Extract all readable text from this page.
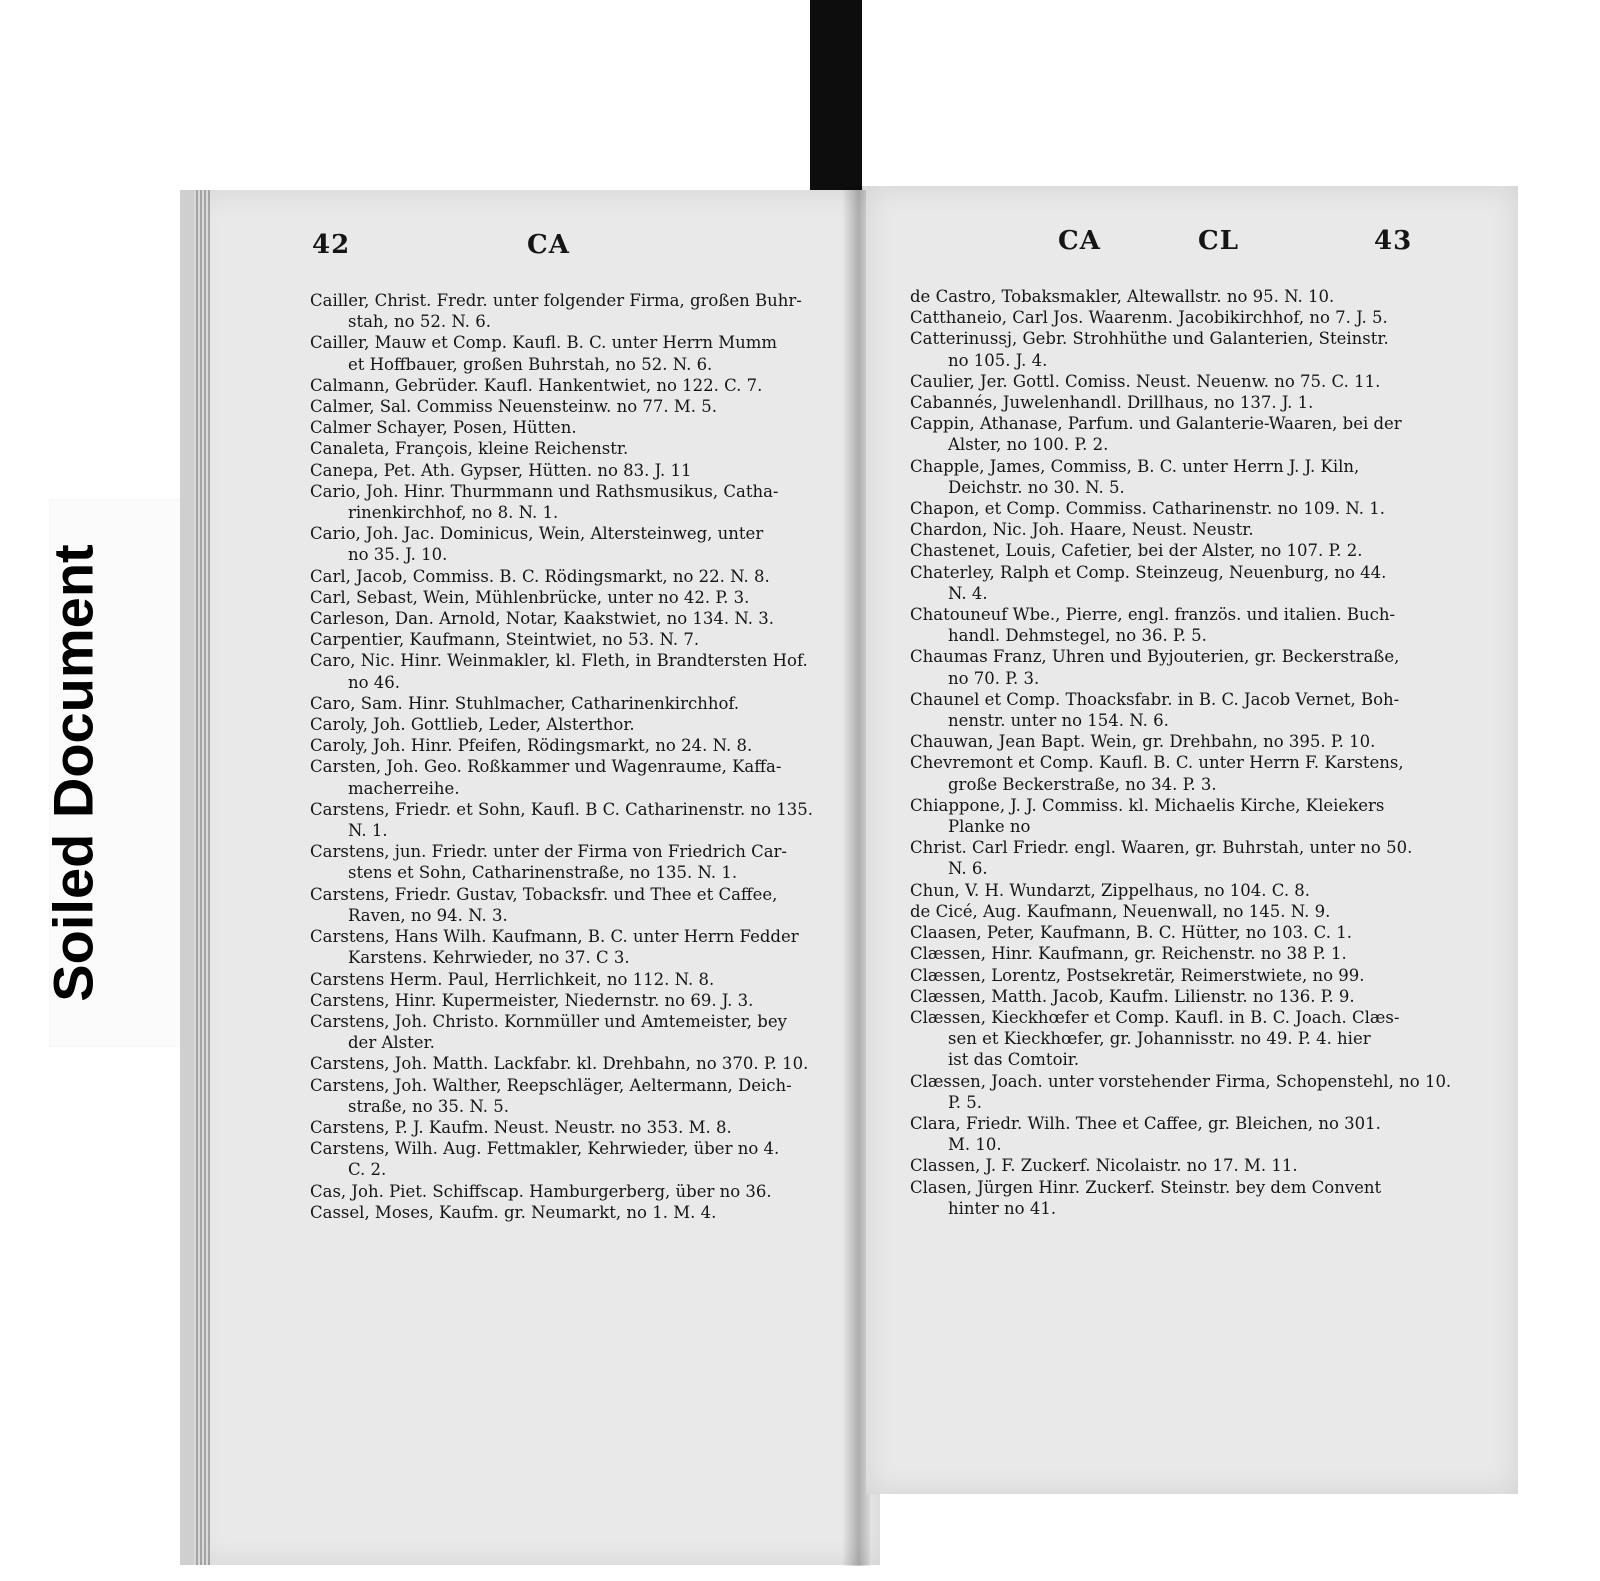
Soiled Document
42	CA
Cailler, Christ. Fredr. unter folgender Firma, großen Buhr-
stah, no 52. N. 6.
Cailler, Mauw et Comp. Kaufl. B. C. unter Herrn Mumm
et Hoffbauer, großen Buhrstah, no 52. N. 6.
Calmann, Gebrüder. Kaufl. Hankentwiet, no 122. C. 7.
Calmer, Sal. Commiss Neuensteinw. no 77. M. 5.
Calmer Schayer, Posen, Hütten.
Canaleta, François, kleine Reichenstr.
Canepa, Pet. Ath. Gypser, Hütten. no 83. J. 11
Cario, Joh. Hinr. Thurmmann und Rathsmusikus, Catha-
rinenkirchhof, no 8. N. 1.
Cario, Joh. Jac. Dominicus, Wein, Altersteinweg, unter
no 35. J. 10.
Carl, Jacob, Commiss. B. C. Rödingsmarkt, no 22. N. 8.
Carl, Sebast, Wein, Mühlenbrücke, unter no 42. P. 3.
Carleson, Dan. Arnold, Notar, Kaakstwiet, no 134. N. 3.
Carpentier, Kaufmann, Steintwiet, no 53. N. 7.
Caro, Nic. Hinr. Weinmakler, kl. Fleth, in Brandtersten Hof.
no 46.
Caro, Sam. Hinr. Stuhlmacher, Catharinenkirchhof.
Caroly, Joh. Gottlieb, Leder, Alsterthor.
Caroly, Joh. Hinr. Pfeifen, Rödingsmarkt, no 24. N. 8.
Carsten, Joh. Geo. Roßkammer und Wagenraume, Kaffa-
macherreihe.
Carstens, Friedr. et Sohn, Kaufl. B C. Catharinenstr. no 135.
N. 1.
Carstens, jun. Friedr. unter der Firma von Friedrich Car-
stens et Sohn, Catharinenstraße, no 135. N. 1.
Carstens, Friedr. Gustav, Tobacksfr. und Thee et Caffee,
Raven, no 94. N. 3.
Carstens, Hans Wilh. Kaufmann, B. C. unter Herrn Fedder
Karstens. Kehrwieder, no 37. C 3.
Carstens Herm. Paul, Herrlichkeit, no 112. N. 8.
Carstens, Hinr. Kupermeister, Niedernstr. no 69. J. 3.
Carstens, Joh. Christo. Kornmüller und Amtemeister, bey
der Alster.
Carstens, Joh. Matth. Lackfabr. kl. Drehbahn, no 370. P. 10.
Carstens, Joh. Walther, Reepschläger, Aeltermann, Deich-
straße, no 35. N. 5.
Carstens, P. J. Kaufm. Neust. Neustr. no 353. M. 8.
Carstens, Wilh. Aug. Fettmakler, Kehrwieder, über no 4.
C. 2.
Cas, Joh. Piet. Schiffscap. Hamburgerberg, über no 36.
Cassel, Moses, Kaufm. gr. Neumarkt, no 1. M. 4.
CA	CL	43
de Castro, Tobaksmakler, Altewallstr. no 95. N. 10.
Catthaneio, Carl Jos. Waarenm. Jacobikirchhof, no 7. J. 5.
Catterinussj, Gebr. Strohhüthe und Galanterien, Steinstr.
no 105. J. 4.
Caulier, Jer. Gottl. Comiss. Neust. Neuenw. no 75. C. 11.
Cabannés, Juwelenhandl. Drillhaus, no 137. J. 1.
Cappin, Athanase, Parfum. und Galanterie-Waaren, bei der
Alster, no 100. P. 2.
Chapple, James, Commiss, B. C. unter Herrn J. J. Kiln,
Deichstr. no 30. N. 5.
Chapon, et Comp. Commiss. Catharinenstr. no 109. N. 1.
Chardon, Nic. Joh. Haare, Neust. Neustr.
Chastenet, Louis, Cafetier, bei der Alster, no 107. P. 2.
Chaterley, Ralph et Comp. Steinzeug, Neuenburg, no 44.
N. 4.
Chatouneuf Wbe., Pierre, engl. französ. und italien. Buch-
handl. Dehmstegel, no 36. P. 5.
Chaumas Franz, Uhren und Byjouterien, gr. Beckerstraße,
no 70. P. 3.
Chaunel et Comp. Thoacksfabr. in B. C. Jacob Vernet, Boh-
nenstr. unter no 154. N. 6.
Chauwan, Jean Bapt. Wein, gr. Drehbahn, no 395. P. 10.
Chevremont et Comp. Kaufl. B. C. unter Herrn F. Karstens,
große Beckerstraße, no 34. P. 3.
Chiappone, J. J. Commiss. kl. Michaelis Kirche, Kleiekers
Planke no
Christ. Carl Friedr. engl. Waaren, gr. Buhrstah, unter no 50.
N. 6.
Chun, V. H. Wundarzt, Zippelhaus, no 104. C. 8.
de Cicé, Aug. Kaufmann, Neuenwall, no 145. N. 9.
Claasen, Peter, Kaufmann, B. C. Hütter, no 103. C. 1.
Clæssen, Hinr. Kaufmann, gr. Reichenstr. no 38 P. 1.
Clæssen, Lorentz, Postsekretär, Reimerstwiete, no 99.
Clæssen, Matth. Jacob, Kaufm. Lilienstr. no 136. P. 9.
Clæssen, Kieckhœfer et Comp. Kaufl. in B. C. Joach. Clæs-
sen et Kieckhœfer, gr. Johannisstr. no 49. P. 4. hier
ist das Comtoir.
Clæssen, Joach. unter vorstehender Firma, Schopenstehl, no 10.
P. 5.
Clara, Friedr. Wilh. Thee et Caffee, gr. Bleichen, no 301.
M. 10.
Classen, J. F. Zuckerf. Nicolaistr. no 17. M. 11.
Clasen, Jürgen Hinr. Zuckerf. Steinstr. bey dem Convent
hinter no 41.
